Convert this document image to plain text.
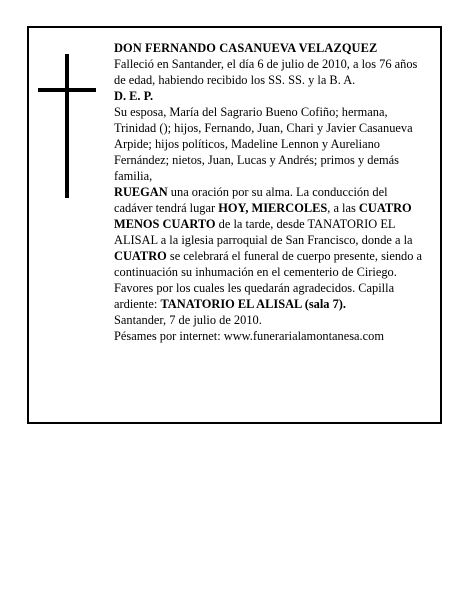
DON FERNANDO CASANUEVA VELAZQUEZ

Falleció en Santander, el día 6 de julio de 2010, a los 76 años de edad, habiendo recibido los SS. SS. y la B. A.

D. E. P.

Su esposa, María del Sagrario Bueno Cofiño; hermana, Trinidad (); hijos, Fernando, Juan, Chari y Javier Casanueva Arpide; hijos políticos, Madeline Lennon y Aureliano Fernández; nietos, Juan, Lucas y Andrés; primos y demás familia,

RUEGAN una oración por su alma. La conducción del cadáver tendrá lugar HOY, MIERCOLES, a las CUATRO MENOS CUARTO de la tarde, desde TANATORIO EL ALISAL a la iglesia parroquial de San Francisco, donde a la CUATRO se celebrará el funeral de cuerpo presente, siendo a continuación su inhumación en el cementerio de Ciriego. Favores por los cuales les quedarán agradecidos. Capilla ardiente: TANATORIO EL ALISAL (sala 7).

Santander, 7 de julio de 2010.

Pésames por internet: www.funerarialamontanesa.com
